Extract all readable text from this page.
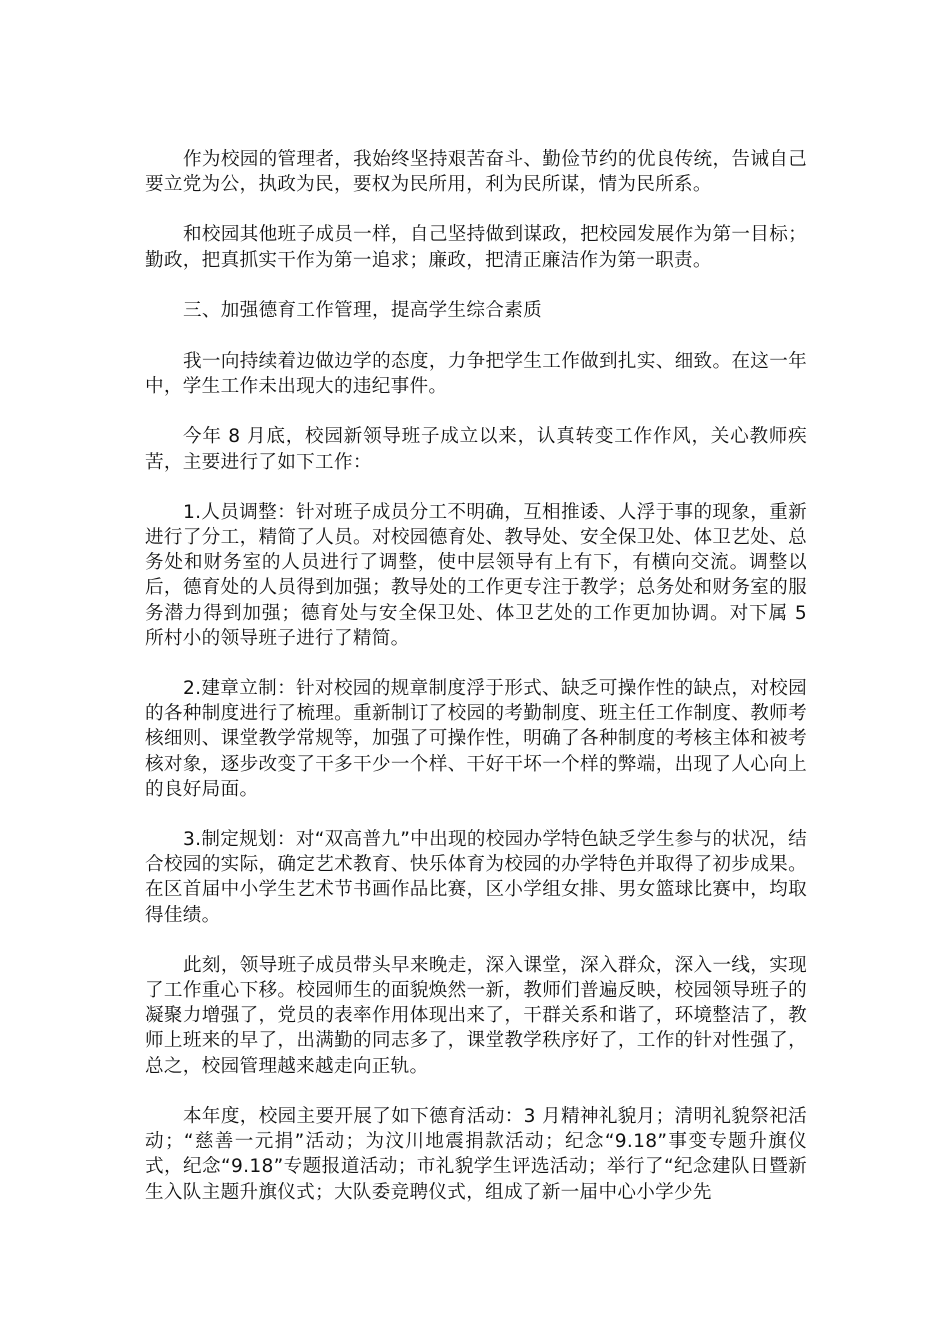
作为校园的管理者，我始终坚持艰苦奋斗、勤俭节约的优良传统，告诫自己要立党为公，执政为民，要权为民所用，利为民所谋，情为民所系。

和校园其他班子成员一样，自己坚持做到谋政，把校园发展作为第一目标；勤政，把真抓实干作为第一追求；廉政，把清正廉洁作为第一职责。

三、加强德育工作管理，提高学生综合素质

我一向持续着边做边学的态度，力争把学生工作做到扎实、细致。在这一年中，学生工作未出现大的违纪事件。

今年 8 月底，校园新领导班子成立以来，认真转变工作作风，关心教师疾苦，主要进行了如下工作：

1.人员调整：针对班子成员分工不明确，互相推诿、人浮于事的现象，重新进行了分工，精简了人员。对校园德育处、教导处、安全保卫处、体卫艺处、总务处和财务室的人员进行了调整，使中层领导有上有下，有横向交流。调整以后，德育处的人员得到加强；教导处的工作更专注于教学；总务处和财务室的服务潜力得到加强；德育处与安全保卫处、体卫艺处的工作更加协调。对下属 5 所村小的领导班子进行了精简。

2.建章立制：针对校园的规章制度浮于形式、缺乏可操作性的缺点，对校园的各种制度进行了梳理。重新制订了校园的考勤制度、班主任工作制度、教师考核细则、课堂教学常规等，加强了可操作性，明确了各种制度的考核主体和被考核对象，逐步改变了干多干少一个样、干好干坏一个样的弊端，出现了人心向上的良好局面。

3.制定规划：对“双高普九”中出现的校园办学特色缺乏学生参与的状况，结合校园的实际，确定艺术教育、快乐体育为校园的办学特色并取得了初步成果。在区首届中小学生艺术节书画作品比赛，区小学组女排、男女篮球比赛中，均取得佳绩。

此刻，领导班子成员带头早来晚走，深入课堂，深入群众，深入一线，实现了工作重心下移。校园师生的面貌焕然一新，教师们普遍反映，校园领导班子的凝聚力增强了，党员的表率作用体现出来了，干群关系和谐了，环境整洁了，教师上班来的早了，出满勤的同志多了，课堂教学秩序好了，工作的针对性强了，总之，校园管理越来越走向正轨。

本年度，校园主要开展了如下德育活动：3 月精神礼貌月；清明礼貌祭祀活动；“慈善一元捐”活动；为汶川地震捐款活动；纪念“9.18”事变专题升旗仪式，纪念“9.18”专题报道活动；市礼貌学生评选活动；举行了“纪念建队日暨新生入队主题升旗仪式；大队委竞聘仪式，组成了新一届中心小学少先
